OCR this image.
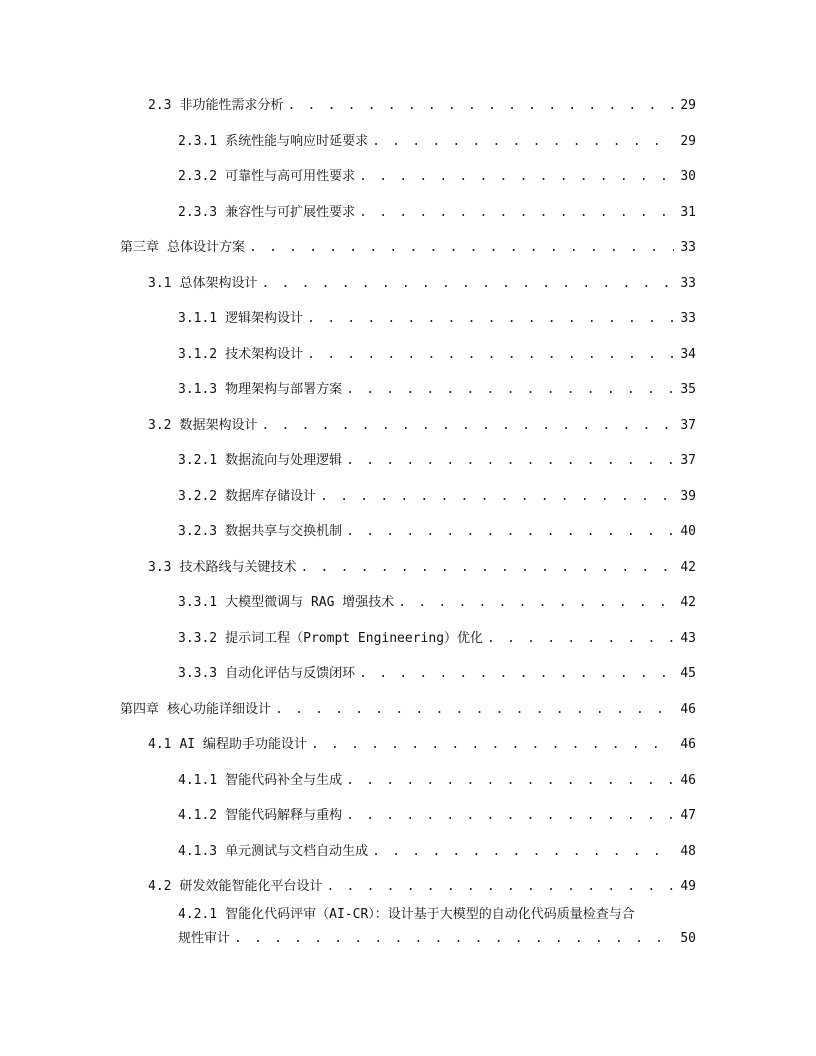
2.3 非功能性需求分析 . . .	29
2.3.1 系统性能与响应时延要求 . . .	29
2.3.2 可靠性与高可用性要求 . . .	30
2.3.3 兼容性与可扩展性要求 . . .	31
第三章 总体设计方案 . . .	33
3.1 总体架构设计 . . .	33
3.1.1 逻辑架构设计 . . .	33
3.1.2 技术架构设计 . . .	34
3.1.3 物理架构与部署方案 . . .	35
3.2 数据架构设计 . . .	37
3.2.1 数据流向与处理逻辑 . . .	37
3.2.2 数据库存储设计 . . .	39
3.2.3 数据共享与交换机制 . . .	40
3.3 技术路线与关键技术 . . .	42
3.3.1 大模型微调与 RAG 增强技术 . . .	42
3.3.2 提示词工程（Prompt Engineering）优化 . . .	43
3.3.3 自动化评估与反馈闭环 . . .	45
第四章 核心功能详细设计 . . .	46
4.1 AI 编程助手功能设计 . . .	46
4.1.1 智能代码补全与生成 . . .	46
4.1.2 智能代码解释与重构 . . .	47
4.1.3 单元测试与文档自动生成 . . .	48
4.2 研发效能智能化平台设计 . . .	49
4.2.1 智能化代码评审（AI-CR）：设计基于大模型的自动化代码质量检查与合
规性审计 . . .	50
